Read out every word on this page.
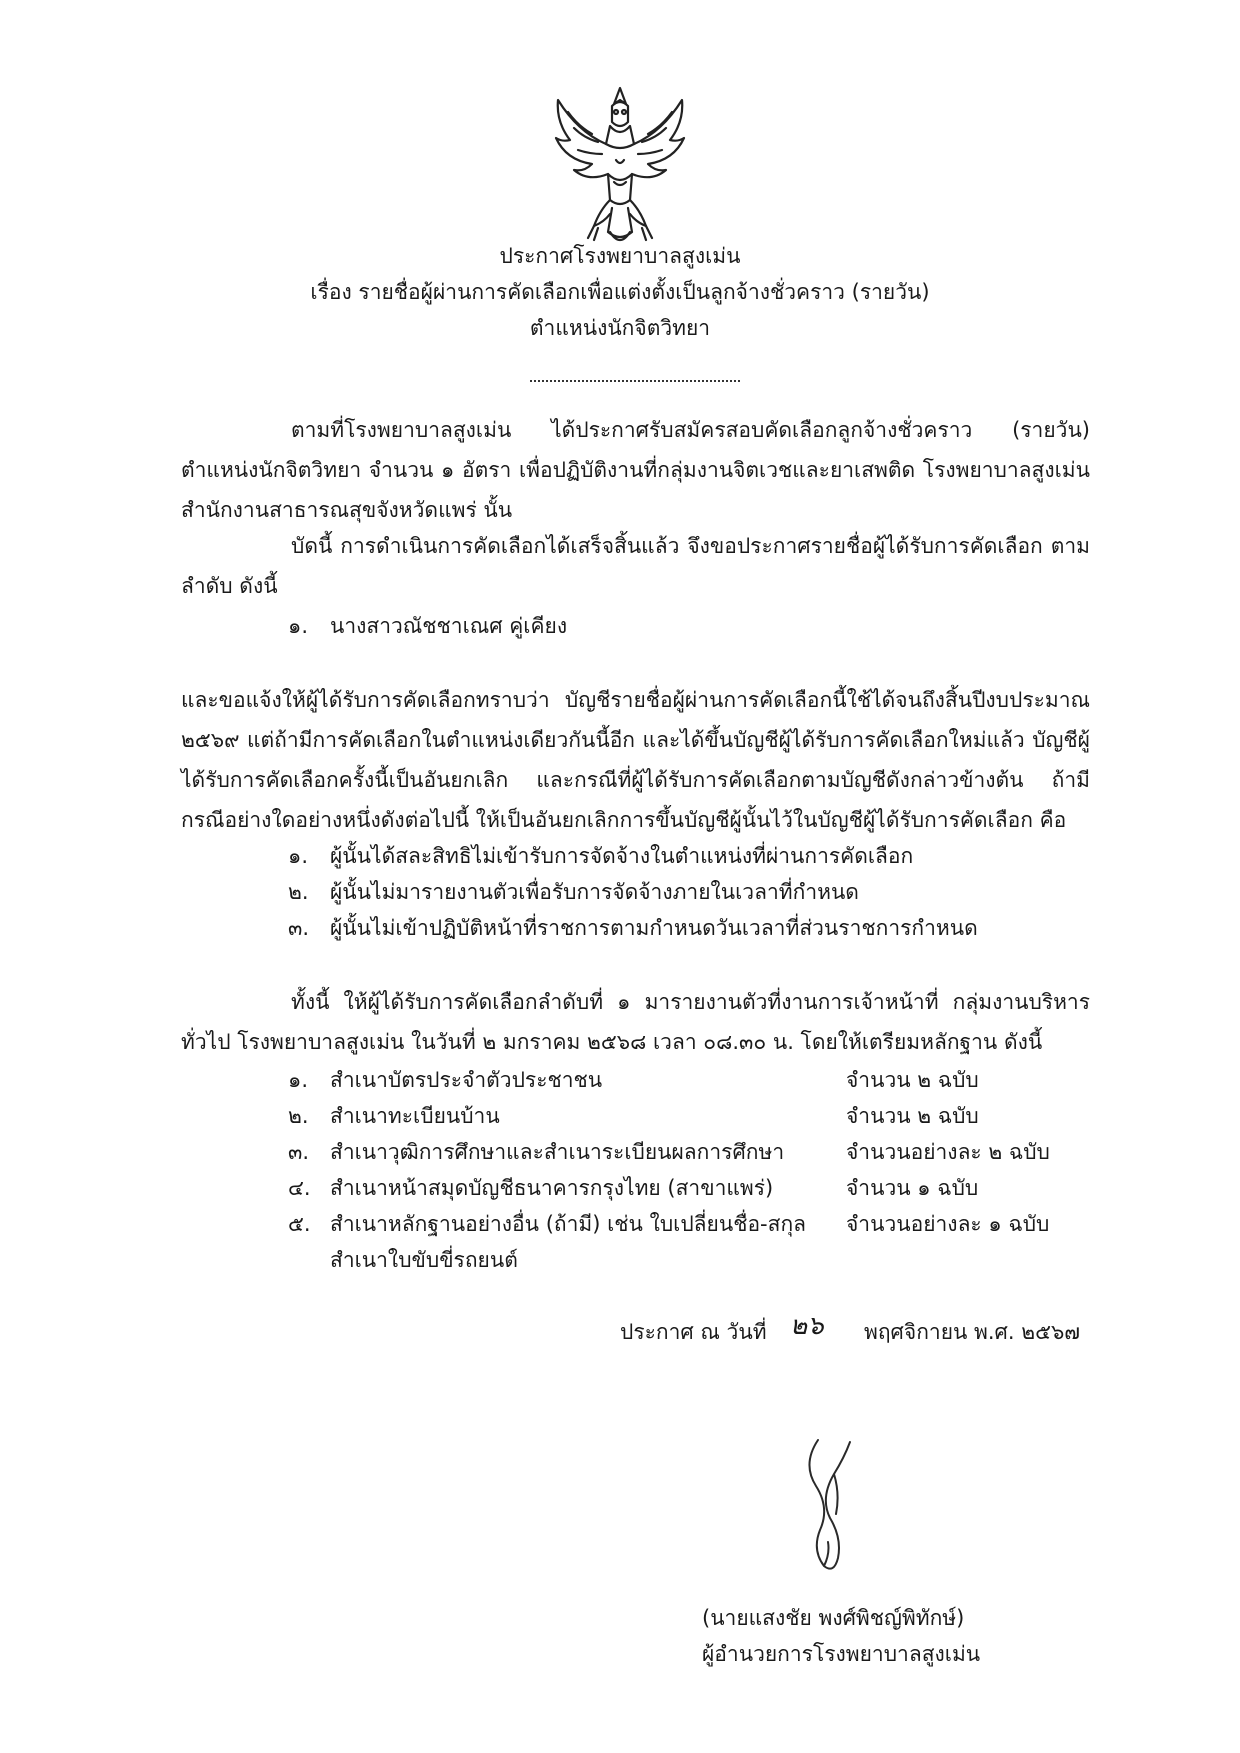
ประกาศโรงพยาบาลสูงเม่น
เรื่อง รายชื่อผู้ผ่านการคัดเลือกเพื่อแต่งตั้งเป็นลูกจ้างชั่วคราว (รายวัน)
ตำแหน่งนักจิตวิทยา

ตามที่โรงพยาบาลสูงเม่น ได้ประกาศรับสมัครสอบคัดเลือกลูกจ้างชั่วคราว (รายวัน) ตำแหน่งนักจิตวิทยา จำนวน ๑ อัตรา เพื่อปฏิบัติงานที่กลุ่มงานจิตเวชและยาเสพติด โรงพยาบาลสูงเม่น สำนักงานสาธารณสุขจังหวัดแพร่ นั้น

บัดนี้ การดำเนินการคัดเลือกได้เสร็จสิ้นแล้ว จึงขอประกาศรายชื่อผู้ได้รับการคัดเลือก ตามลำดับ ดังนี้

๑. นางสาวณัชชาเณศ คู่เคียง

และขอแจ้งให้ผู้ได้รับการคัดเลือกทราบว่า บัญชีรายชื่อผู้ผ่านการคัดเลือกนี้ใช้ได้จนถึงสิ้นปีงบประมาณ ๒๕๖๙ แต่ถ้ามีการคัดเลือกในตำแหน่งเดียวกันนี้อีก และได้ขึ้นบัญชีผู้ได้รับการคัดเลือกใหม่แล้ว บัญชีผู้ได้รับการคัดเลือกครั้งนี้เป็นอันยกเลิก และกรณีที่ผู้ได้รับการคัดเลือกตามบัญชีดังกล่าวข้างต้น ถ้ามี กรณีอย่างใดอย่างหนึ่งดังต่อไปนี้ ให้เป็นอันยกเลิกการขึ้นบัญชีผู้นั้นไว้ในบัญชีผู้ได้รับการคัดเลือก คือ

๑. ผู้นั้นได้สละสิทธิไม่เข้ารับการจัดจ้างในตำแหน่งที่ผ่านการคัดเลือก
๒. ผู้นั้นไม่มารายงานตัวเพื่อรับการจัดจ้างภายในเวลาที่กำหนด
๓. ผู้นั้นไม่เข้าปฏิบัติหน้าที่ราชการตามกำหนดวันเวลาที่ส่วนราชการกำหนด

ทั้งนี้ ให้ผู้ได้รับการคัดเลือกลำดับที่ ๑ มารายงานตัวที่งานการเจ้าหน้าที่ กลุ่มงานบริหารทั่วไป โรงพยาบาลสูงเม่น ในวันที่ ๒ มกราคม ๒๕๖๘ เวลา ๐๘.๓๐ น. โดยให้เตรียมหลักฐาน ดังนี้

๑. สำเนาบัตรประจำตัวประชาชน	จำนวน ๒ ฉบับ
๒. สำเนาทะเบียนบ้าน	จำนวน ๒ ฉบับ
๓. สำเนาวุฒิการศึกษาและสำเนาระเบียนผลการศึกษา	จำนวนอย่างละ ๒ ฉบับ
๔. สำเนาหน้าสมุดบัญชีธนาคารกรุงไทย (สาขาแพร่)	จำนวน ๑ ฉบับ
๕. สำเนาหลักฐานอย่างอื่น (ถ้ามี) เช่น ใบเปลี่ยนชื่อ-สกุล จำนวนอย่างละ ๑ ฉบับ
สำเนาใบขับขี่รถยนต์
ประกาศ ณ วันที่ ๒๖ พฤศจิกายน พ.ศ. ๒๕๖๗
(นายแสงชัย พงศ์พิชญ์พิทักษ์)
ผู้อำนวยการโรงพยาบาลสูงเม่น
